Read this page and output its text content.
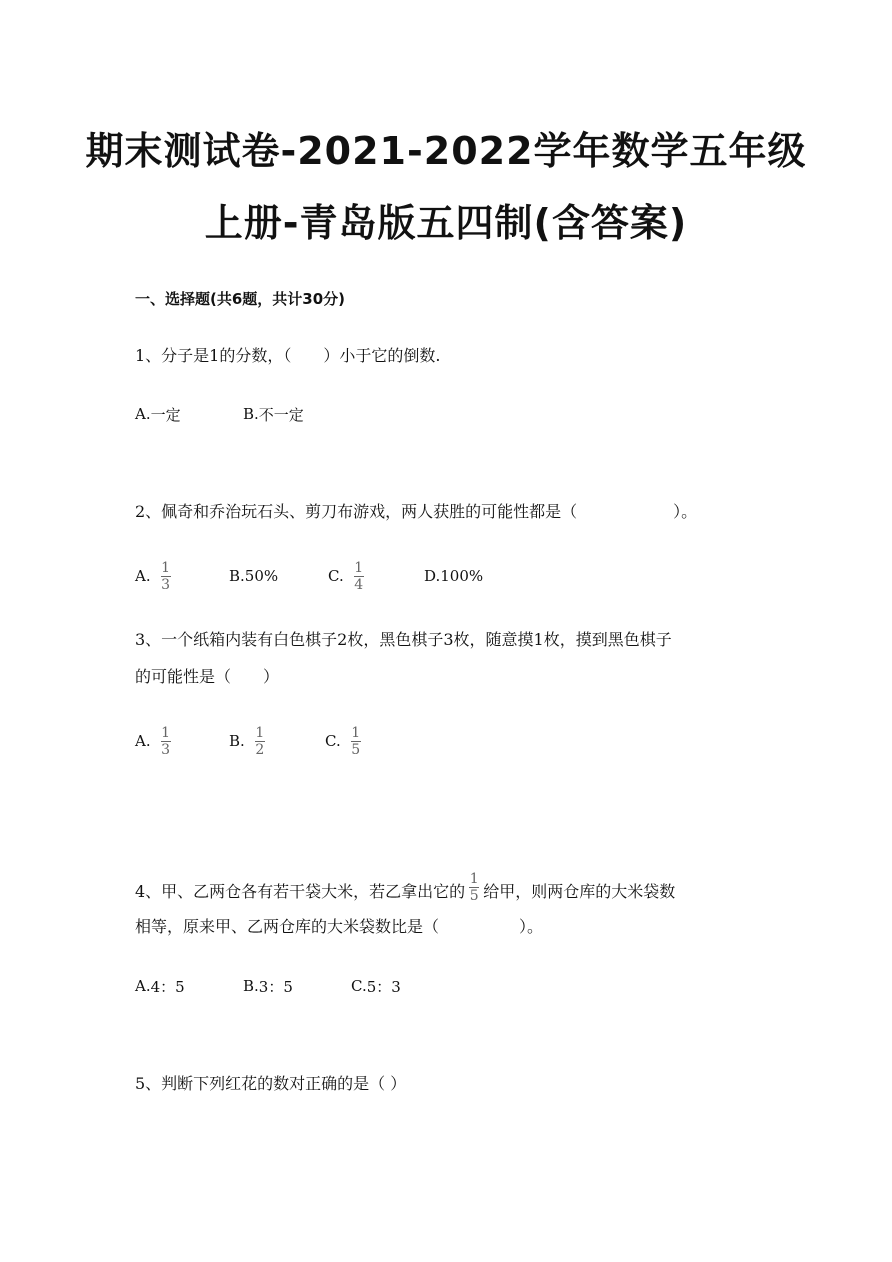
期末测试卷-2021-2022学年数学五年级
上册-青岛版五四制(含答案)
一、选择题(共6题，共计30分)
1、分子是1的分数，（　　）小于它的倒数.
A. 一定	B. 不一定
2、佩奇和乔治玩石头、剪刀布游戏，两人获胜的可能性都是（　　　　　　）。
A. $\frac{1}{3}$	B. 50%	C. $\frac{1}{4}$	D. 100%
3、一个纸箱内装有白色棋子2枚，黑色棋子3枚，随意摸1枚，摸到黑色棋子
的可能性是（　　）
A. $\frac{1}{3}$	B. $\frac{1}{2}$	C. $\frac{1}{5}$
4、甲、乙两仓各有若干袋大米，若乙拿出它的 $\frac{1}{5}$ 给甲，则两仓库的大米袋数
相等，原来甲、乙两仓库的大米袋数比是（　　　　　）。
A. 4：5	B. 3：5	C. 5：3
5、判断下列红花的数对正确的是（ ）
